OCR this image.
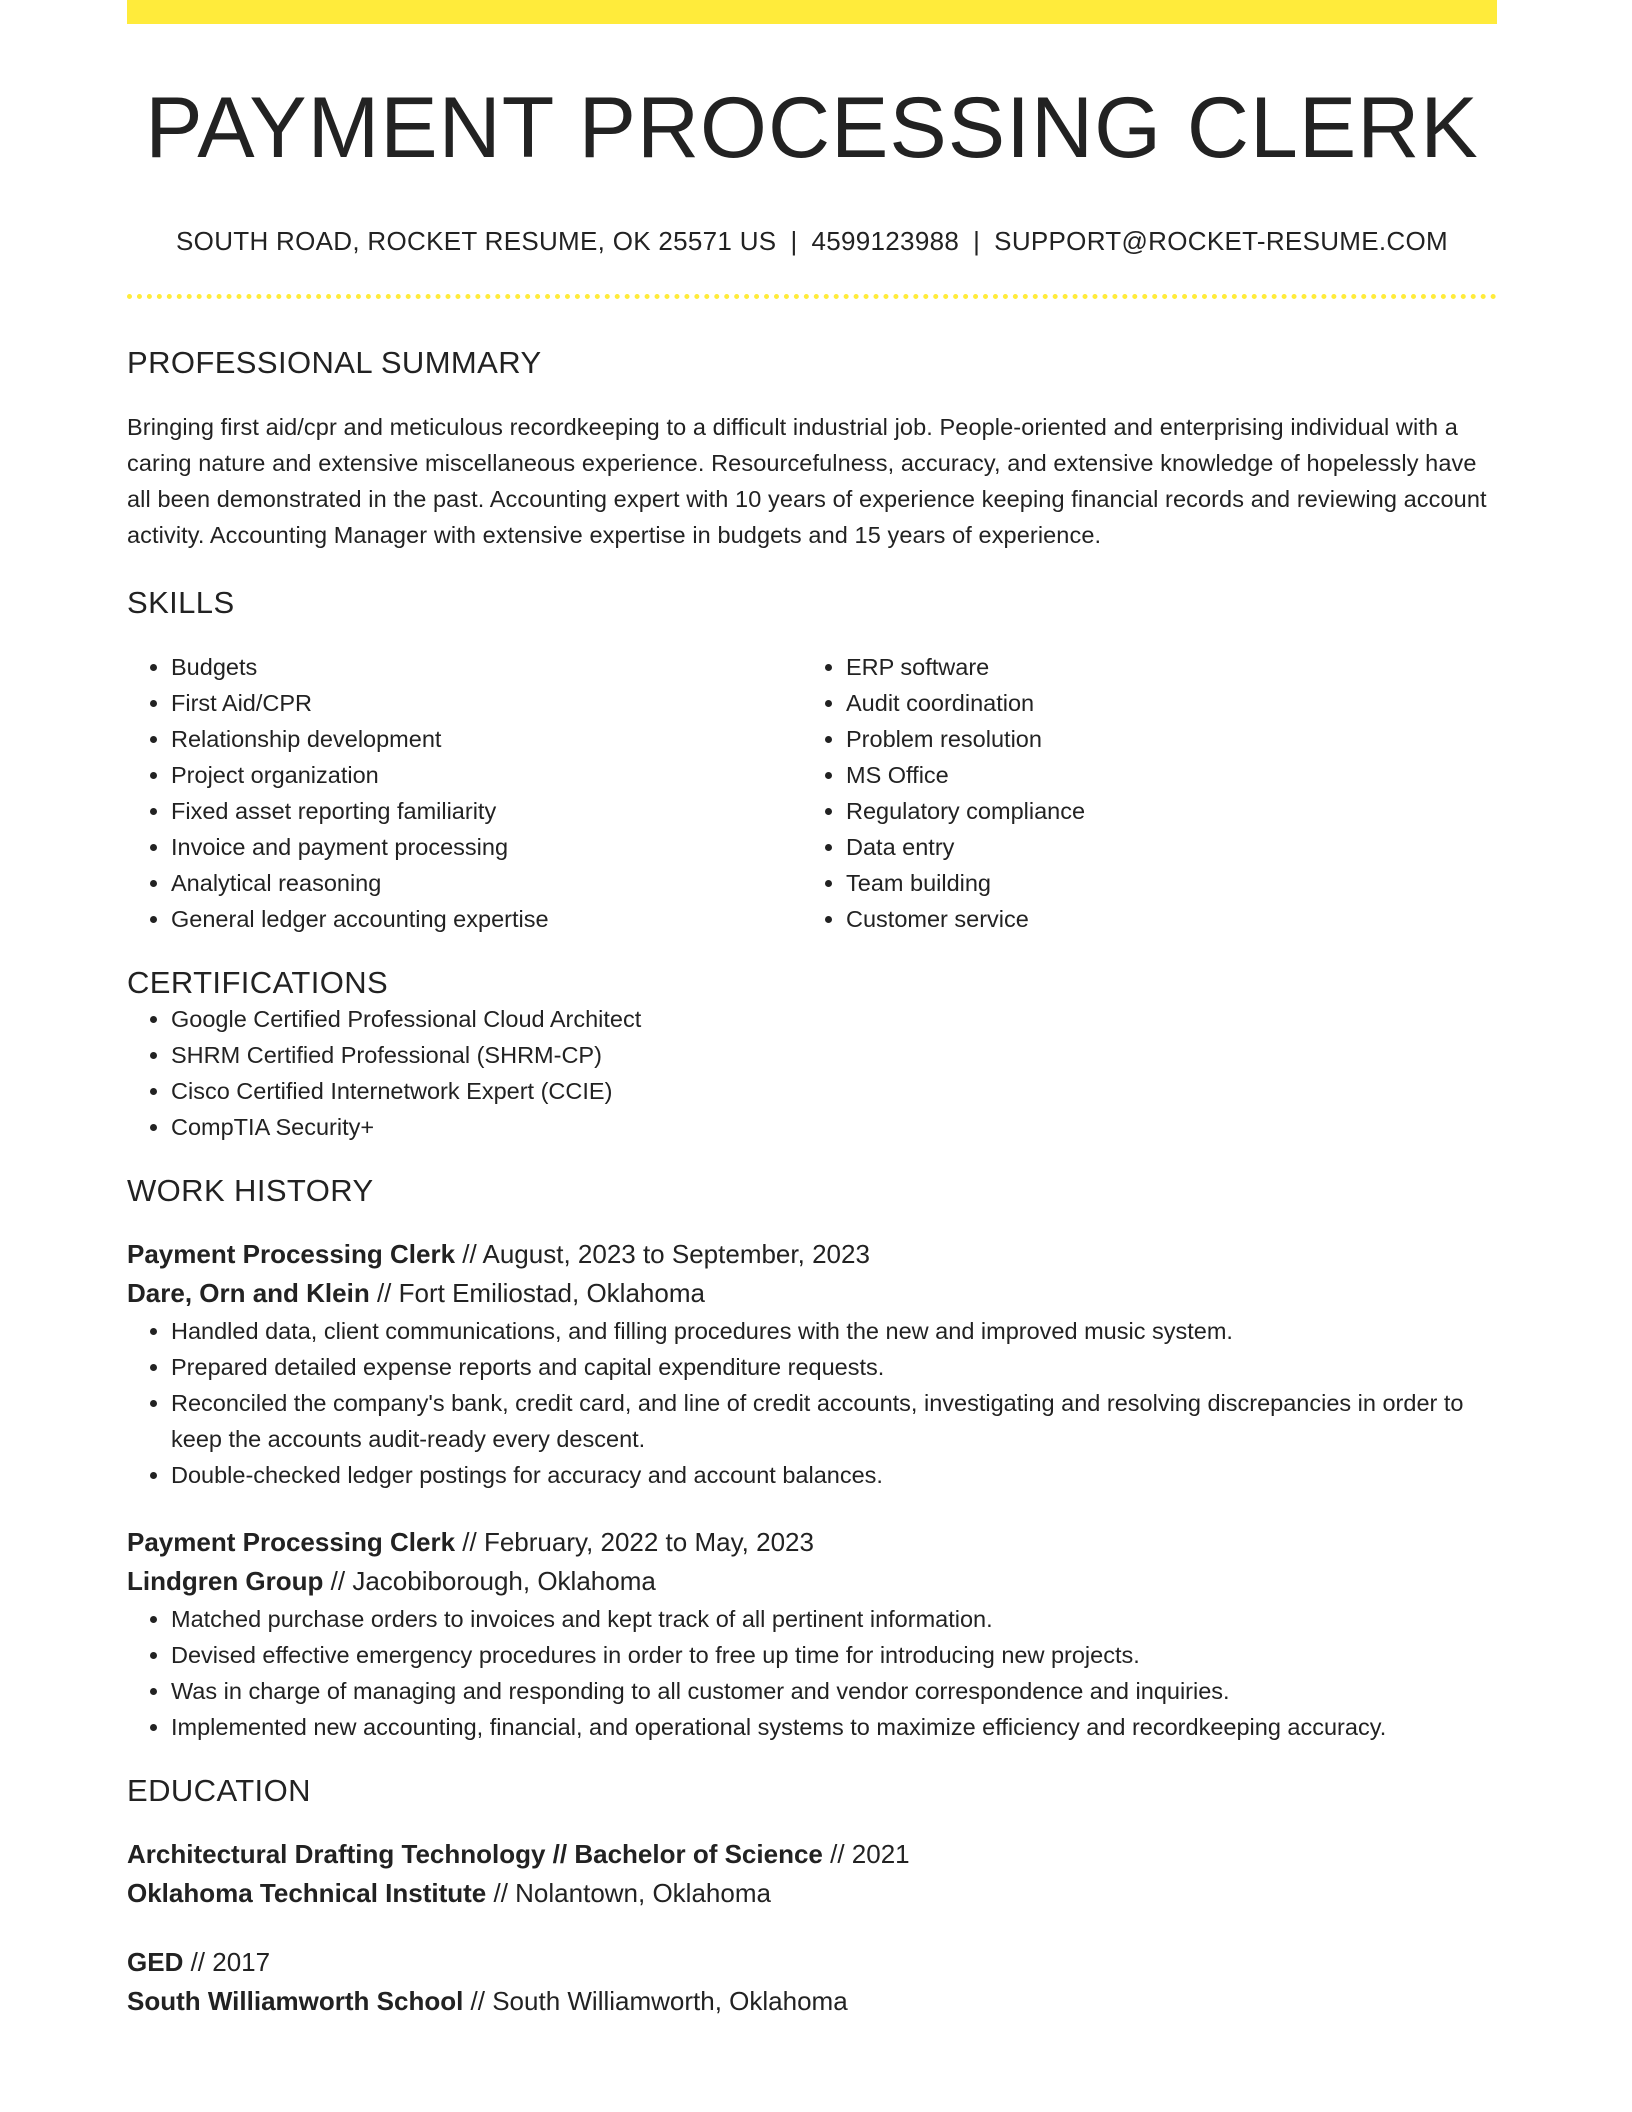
PAYMENT PROCESSING CLERK
SOUTH ROAD, ROCKET RESUME, OK 25571 US | 4599123988 | SUPPORT@ROCKET-RESUME.COM
PROFESSIONAL SUMMARY
Bringing first aid/cpr and meticulous recordkeeping to a difficult industrial job. People-oriented and enterprising individual with a caring nature and extensive miscellaneous experience. Resourcefulness, accuracy, and extensive knowledge of hopelessly have all been demonstrated in the past. Accounting expert with 10 years of experience keeping financial records and reviewing account activity. Accounting Manager with extensive expertise in budgets and 15 years of experience.
SKILLS
• Budgets
• First Aid/CPR
• Relationship development
• Project organization
• Fixed asset reporting familiarity
• Invoice and payment processing
• Analytical reasoning
• General ledger accounting expertise
• ERP software
• Audit coordination
• Problem resolution
• MS Office
• Regulatory compliance
• Data entry
• Team building
• Customer service
CERTIFICATIONS
• Google Certified Professional Cloud Architect
• SHRM Certified Professional (SHRM-CP)
• Cisco Certified Internetwork Expert (CCIE)
• CompTIA Security+
WORK HISTORY
Payment Processing Clerk // August, 2023 to September, 2023
Dare, Orn and Klein // Fort Emiliostad, Oklahoma
• Handled data, client communications, and filling procedures with the new and improved music system.
• Prepared detailed expense reports and capital expenditure requests.
• Reconciled the company's bank, credit card, and line of credit accounts, investigating and resolving discrepancies in order to keep the accounts audit-ready every descent.
• Double-checked ledger postings for accuracy and account balances.
Payment Processing Clerk // February, 2022 to May, 2023
Lindgren Group // Jacobiborough, Oklahoma
• Matched purchase orders to invoices and kept track of all pertinent information.
• Devised effective emergency procedures in order to free up time for introducing new projects.
• Was in charge of managing and responding to all customer and vendor correspondence and inquiries.
• Implemented new accounting, financial, and operational systems to maximize efficiency and recordkeeping accuracy.
EDUCATION
Architectural Drafting Technology // Bachelor of Science // 2021
Oklahoma Technical Institute // Nolantown, Oklahoma
GED // 2017
South Williamworth School // South Williamworth, Oklahoma
